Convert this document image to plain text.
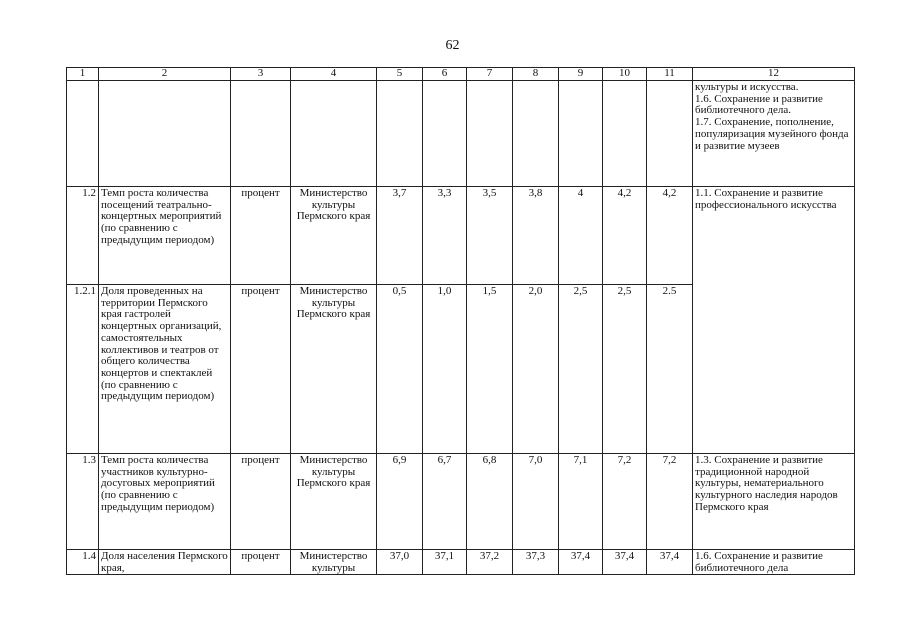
62
1	2	3	4	5	6	7	8	9	10	11	12
											культуры и искусства.
1.6. Сохранение и развитие библиотечного дела.
1.7. Сохранение, пополнение, популяризация музейного фонда и развитие музеев
1.2	Темп роста количества посещений театрально-концертных мероприятий (по сравнению с предыдущим периодом)	процент	Министерство культуры Пермского края	3,7	3,3	3,5	3,8	4	4,2	4,2	1.1. Сохранение и развитие профессионального искусства
1.2.1	Доля проведенных на территории Пермского края гастролей концертных организаций, самостоятельных коллективов и театров от общего количества концертов и спектаклей (по сравнению с предыдущим периодом)	процент	Министерство культуры Пермского края	0,5	1,0	1,5	2,0	2,5	2,5	2.5	
1.3	Темп роста количества участников культурно-досуговых мероприятий (по сравнению с предыдущим периодом)	процент	Министерство культуры Пермского края	6,9	6,7	6,8	7,0	7,1	7,2	7,2	1.3. Сохранение и развитие традиционной народной культуры, нематериального культурного наследия народов Пермского края
1.4	Доля населения Пермского края,	процент	Министерство культуры	37,0	37,1	37,2	37,3	37,4	37,4	37,4	1.6. Сохранение и развитие библиотечного дела
